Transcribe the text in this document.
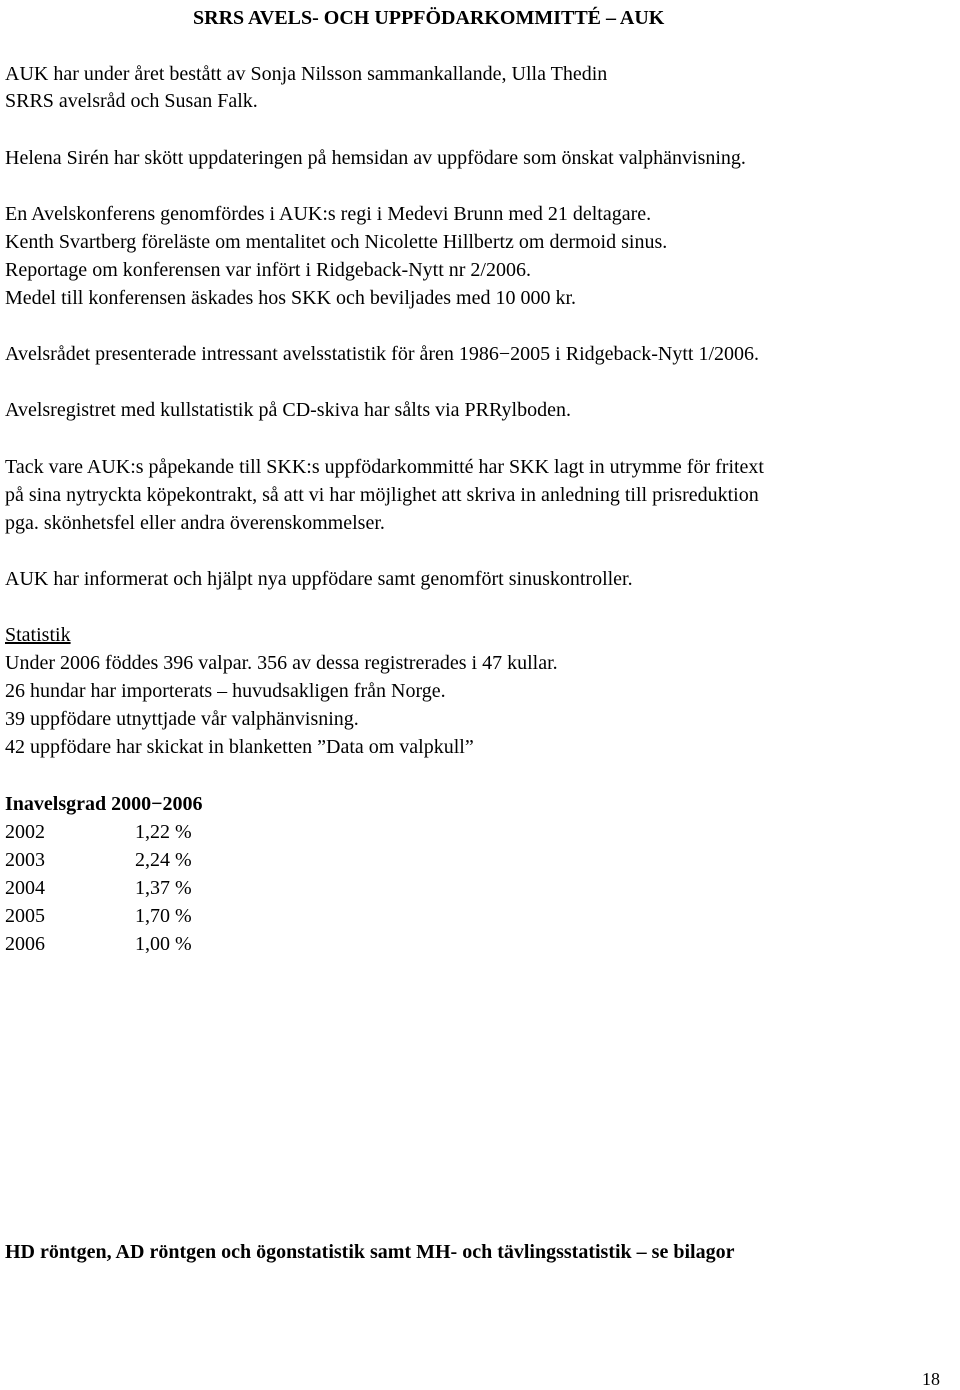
SRRS AVELS- OCH UPPFÖDARKOMMITTÉ – AUK
AUK har under året bestått av Sonja Nilsson sammankallande, Ulla Thedin
SRRS avelsråd och Susan Falk.
Helena Sirén har skött uppdateringen på hemsidan av uppfödare som önskat valphänvisning.
En Avelskonferens genomfördes i AUK:s regi i Medevi Brunn med 21 deltagare.
Kenth Svartberg föreläste om mentalitet och Nicolette Hillbertz om dermoid sinus.
Reportage om konferensen var infört i Ridgeback-Nytt nr 2/2006.
Medel till konferensen äskades hos SKK och beviljades med 10 000 kr.
Avelsrådet presenterade intressant avelsstatistik för åren 1986−2005 i Ridgeback-Nytt 1/2006.
Avelsregistret med kullstatistik på CD-skiva har sålts via PRRylboden.
Tack vare AUK:s påpekande till SKK:s uppfödarkommitté har SKK lagt in utrymme för fritext
på sina nytryckta köpekontrakt, så att vi har möjlighet att skriva in anledning till prisreduktion
pga. skönhetsfel eller andra överenskommelser.
AUK har informerat och hjälpt nya uppfödare samt genomfört sinuskontroller.
Statistik
Under 2006 föddes 396 valpar. 356 av dessa registrerades i 47 kullar.
26 hundar har importerats – huvudsakligen från Norge.
39 uppfödare utnyttjade vår valphänvisning.
42 uppfödare har skickat in blanketten ”Data om valpkull”
Inavelsgrad 2000−2006
2002	1,22 %
2003	2,24 %
2004	1,37 %
2005	1,70 %
2006	1,00 %
HD röntgen, AD röntgen och ögonstatistik samt MH- och tävlingsstatistik – se bilagor
18
